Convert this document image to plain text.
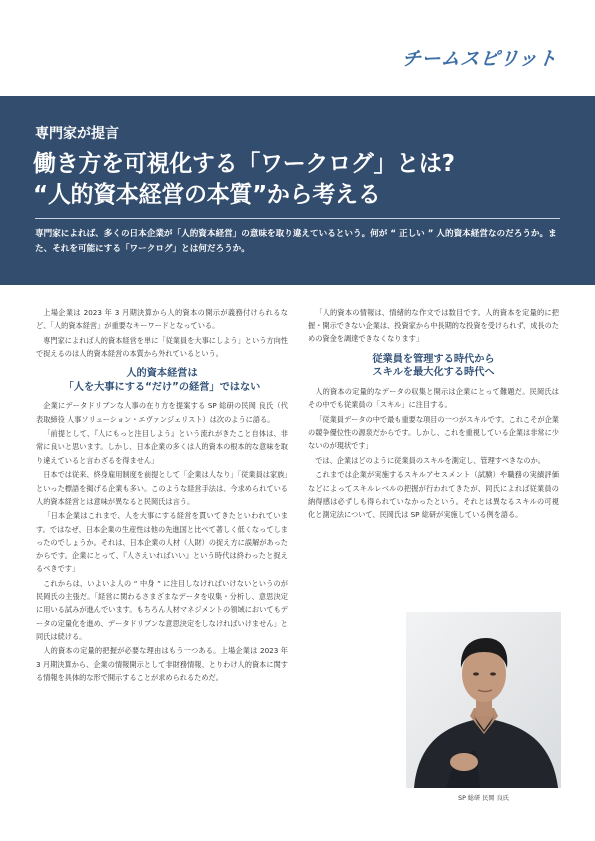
チームスピリット
専門家が提言
働き方を可視化する「ワークログ」とは?
“人的資本経営の本質”から考える
専門家によれば、多くの日本企業が「人的資本経営」の意味を取り違えているという。何が “ 正しい ” 人的資本経営なのだろうか。また、それを可能にする「ワークログ」とは何だろうか。

上場企業は 2023 年 3 月期決算から人的資本の開示が義務付けられるなど、「人的資本経営」が重要なキーワードとなっている。

専門家によれば人的資本経営を単に「従業員を大事にしよう」という方向性で捉えるのは人的資本経営の本質から外れているという。

人的資本経営は
「人を大事にする“だけ”の経営」ではない

企業にデータドリブンな人事の在り方を提案する SP 総研の民岡 良氏（代表取締役 人事ソリューション・エヴァンジェリスト）は次のように語る。

「前提として、『人にもっと注目しよう』という流れがきたこと自体は、非常に良いと思います。しかし、日本企業の多くは人的資本の根本的な意味を取り違えていると言わざるを得ません」

日本では従来、終身雇用制度を前提として「企業は人なり」「従業員は家族」といった標語を掲げる企業も多い。このような経営手法は、今求められている人的資本経営とは意味が異なると民岡氏は言う。

「日本企業はこれまで、人を大事にする経営を貫いてきたといわれています。ではなぜ、日本企業の生産性は他の先進国と比べて著しく低くなってしまったのでしょうか。それは、日本企業の人材（人財）の捉え方に誤解があったからです。企業にとって、『人さえいればいい』という時代は終わったと捉えるべきです」

これからは、いよいよ人の “ 中身 ” に注目しなければいけないというのが民岡氏の主張だ。「経営に関わるさまざまなデータを収集・分析し、意思決定に用いる試みが進んでいます。もちろん人材マネジメントの領域においてもデータの定量化を進め、データドリブンな意思決定をしなければいけません」と同氏は続ける。

人的資本の定量的把握が必要な理由はもう一つある。上場企業は 2023 年 3 月期決算から、企業の情報開示として非財務情報、とりわけ人的資本に関する情報を具体的な形で開示することが求められるためだ。

「人的資本の情報は、情緒的な作文では数目です。人的資本を定量的に把握・開示できない企業は、投資家から中長期的な投資を受けられず、成長のための資金を調達できなくなります」

従業員を管理する時代から
スキルを最大化する時代へ

人的資本の定量的なデータの収集と開示は企業にとって難題だ。民岡氏はその中でも従業員の「スキル」に注目する。

「従業員データの中で最も重要な項目の一つがスキルです。これこそが企業の競争優位性の源泉だからです。しかし、これを重視している企業は非常に少ないのが現状です」

では、企業はどのように従業員のスキルを測定し、管理すべきなのか。

これまでは企業が実施するスキルアセスメント（試験）や職務の実績評価などによってスキルレベルの把握が行われてきたが、同氏によれば従業員の納得感は必ずしも得られていなかったという。それとは異なるスキルの可視化と測定法について、民岡氏は SP 総研が実施している例を語る。

SP 総研 民岡 良氏
